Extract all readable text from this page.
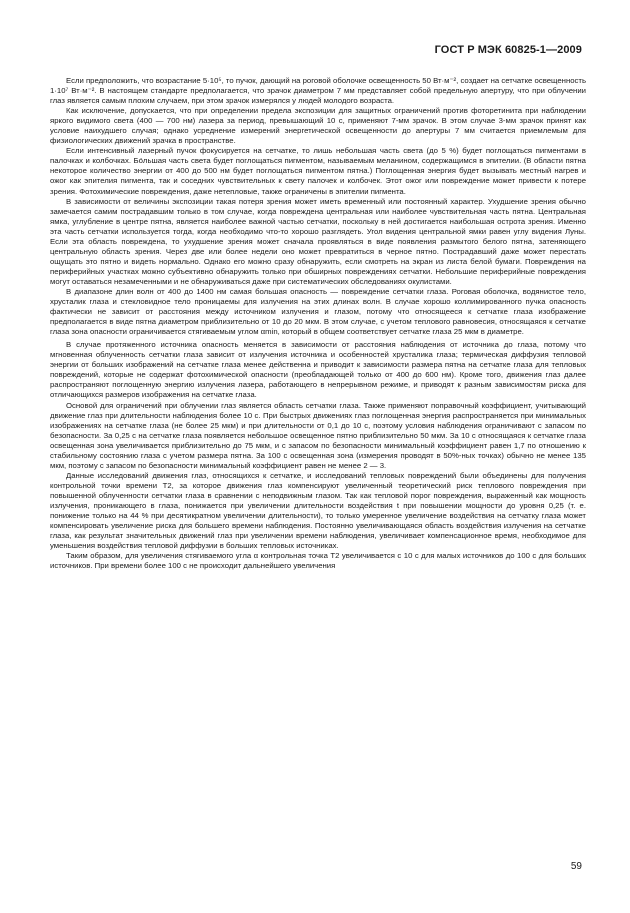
ГОСТ Р МЭК 60825-1—2009

Если предположить, что возрастание 5·10⁵, то пучок, дающий на роговой оболочке освещенность 50 Вт·м⁻², создает на сетчатке освещенность 1·10⁷ Вт·м⁻². В настоящем стандарте предполагается, что зрачок диаметром 7 мм представляет собой предельную апертуру, что при облучении глаз является самым плохим случаем, при этом зрачок измерялся у людей молодого возраста.

Как исключение, допускается, что при определении предела экспозиции для защитных ограничений против фоторетинита при наблюдении яркого видимого света (400 — 700 нм) лазера за период, превышающий 10 с, применяют 7-мм зрачок. В этом случае 3-мм зрачок принят как условие наихудшего случая; однако усреднение измерений энергетической освещенности до апертуры 7 мм считается приемлемым для физиологических движений зрачка в пространстве.

Если интенсивный лазерный пучок фокусируется на сетчатке, то лишь небольшая часть света (до 5 %) будет поглощаться пигментами в палочках и колбочках. Бо́льшая часть света будет поглощаться пигментом, называемым меланином, содержащимся в эпителии. (В области пятна некоторое количество энергии от 400 до 500 нм будет поглощаться пигментом пятна.) Поглощенная энергия будет вызывать местный нагрев и ожог как эпителия пигмента, так и соседних чувствительных к свету палочек и колбочек. Этот ожог или повреждение может привести к потере зрения. Фотохимические повреждения, даже нетепловые, также ограничены в эпителии пигмента.

В зависимости от величины экспозиции такая потеря зрения может иметь временный или постоянный характер. Ухудшение зрения обычно замечается самим пострадавшим только в том случае, когда повреждена центральная или наиболее чувствительная часть пятна. Центральная ямка, углубление в центре пятна, является наиболее важной частью сетчатки, поскольку в ней достигается наибольшая острота зрения. Именно эта часть сетчатки используется тогда, когда необходимо что-то хорошо разглядеть. Угол видения центральной ямки равен углу видения Луны. Если эта область повреждена, то ухудшение зрения может сначала проявляться в виде появления размытого белого пятна, затеняющего центральную область зрения. Через две или более недели оно может превратиться в черное пятно. Пострадавший даже может перестать ощущать это пятно и видеть нормально. Однако его можно сразу обнаружить, если смотреть на экран из листа белой бумаги. Повреждения на периферийных участках можно субъективно обнаружить только при обширных повреждениях сетчатки. Небольшие периферийные повреждения могут оставаться незамеченными и не обнаруживаться даже при систематических обследованиях окулистами.

В диапазоне длин волн от 400 до 1400 нм самая большая опасность — повреждение сетчатки глаза. Роговая оболочка, водянистое тело, хрусталик глаза и стекловидное тело проницаемы для излучения на этих длинах волн. В случае хорошо коллимированного пучка опасность фактически не зависит от расстояния между источником излучения и глазом, потому что относящееся к сетчатке глаза изображение предполагается в виде пятна диаметром приблизительно от 10 до 20 мкм. В этом случае, с учетом теплового равновесия, относящаяся к сетчатке глаза зона опасности ограничивается стягиваемым углом αmin, который в общем соответствует сетчатке глаза 25 мкм в диаметре.

В случае протяженного источника опасность меняется в зависимости от расстояния наблюдения от источника до глаза, потому что мгновенная облученность сетчатки глаза зависит от излучения источника и особенностей хрусталика глаза; термическая диффузия тепловой энергии от больших изображений на сетчатке глаза менее действенна и приводит к зависимости размера пятна на сетчатке глаза для тепловых повреждений, которые не содержат фотохимической опасности (преобладающей только от 400 до 600 нм). Кроме того, движения глаз далее распространяют поглощенную энергию излучения лазера, работающего в непрерывном режиме, и приводят к разным зависимостям риска для отличающихся размеров изображения на сетчатке глаза.

Основой для ограничений при облучении глаз является область сетчатки глаза. Также применяют поправочный коэффициент, учитывающий движение глаз при длительности наблюдения более 10 с. При быстрых движениях глаз поглощенная энергия распространяется при минимальных изображениях на сетчатке глаза (не более 25 мкм) и при длительности от 0,1 до 10 с, поэтому условия наблюдения ограничивают с запасом по безопасности. За 0,25 с на сетчатке глаза появляется небольшое освещенное пятно приблизительно 50 мкм. За 10 с относящаяся к сетчатке глаза освещенная зона увеличивается приблизительно до 75 мкм, и с запасом по безопасности минимальный коэффициент равен 1,7 по отношению к стабильному состоянию глаза с учетом размера пятна. За 100 с освещенная зона (измерения проводят в 50%-ных точках) обычно не менее 135 мкм, поэтому с запасом по безопасности минимальный коэффициент равен не менее 2 — 3.

Данные исследований движения глаз, относящихся к сетчатке, и исследований тепловых повреждений были объединены для получения контрольной точки времени T2, за которое движения глаз компенсируют увеличенный теоретический риск теплового повреждения при повышенной облученности сетчатки глаза в сравнении с неподвижным глазом. Так как тепловой порог повреждения, выраженный как мощность излучения, проникающего в глаза, понижается при увеличении длительности воздействия t при повышении мощности до уровня 0,25 (т. е. понижение только на 44 % при десятикратном увеличении длительности), то только умеренное увеличение воздействия на сетчатку глаза может компенсировать увеличение риска для большего времени наблюдения. Постоянно увеличивающаяся область воздействия излучения на сетчатке глаза, как результат значительных движений глаз при увеличении времени наблюдения, увеличивает компенсационное время, необходимое для уменьшения воздействия тепловой диффузии в больших тепловых источниках.

Таким образом, для увеличения стягиваемого угла α контрольная точка T2 увеличивается с 10 с для малых источников до 100 с для больших источников. При времени более 100 с не происходит дальнейшего увеличения

59
